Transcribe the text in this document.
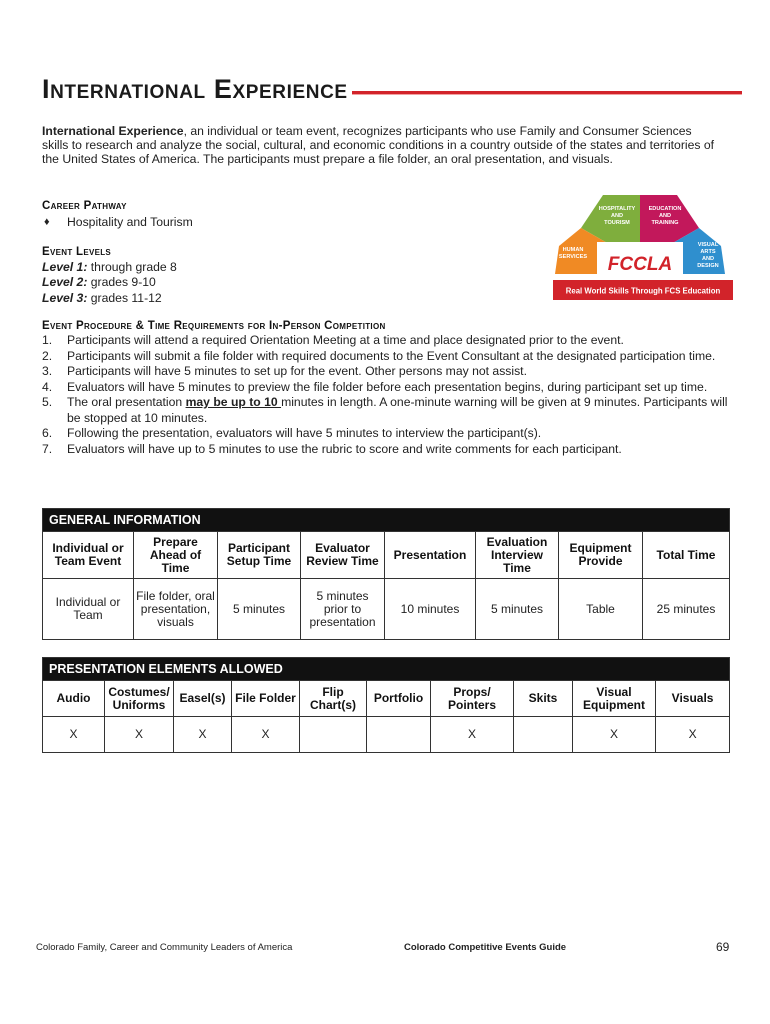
International Experience
International Experience, an individual or team event, recognizes participants who use Family and Consumer Sciences skills to research and analyze the social, cultural, and economic conditions in a country outside of the states and territories of the United States of America. The participants must prepare a file folder, an oral presentation, and visuals.
Career Pathway
♦ Hospitality and Tourism
Event Levels
Level 1: through grade 8
Level 2: grades 9-10
Level 3: grades 11-12
HOSPITALITY
AND
TOURISM
EDUCATION
AND
TRAINING
HUMAN
SERVICES
VISUAL
ARTS
AND
DESIGN
FCCLA
Real World Skills Through FCS Education
Event Procedure & Time Requirements for In-Person Competition
1. Participants will attend a required Orientation Meeting at a time and place designated prior to the event.
2. Participants will submit a file folder with required documents to the Event Consultant at the designated participation time.
3. Participants will have 5 minutes to set up for the event. Other persons may not assist.
4. Evaluators will have 5 minutes to preview the file folder before each presentation begins, during participant set up time.
5. The oral presentation may be up to 10 minutes in length. A one-minute warning will be given at 9 minutes. Participants will be stopped at 10 minutes.
6. Following the presentation, evaluators will have 5 minutes to interview the participant(s).
7. Evaluators will have up to 5 minutes to use the rubric to score and write comments for each participant.
GENERAL INFORMATION							
Individual or Team Event	Prepare Ahead of Time	Participant Setup Time	Evaluator Review Time	Presentation	Evaluation Interview Time	Equipment Provide	Total Time
Individual or Team	File folder, oral presentation, visuals	5 minutes	5 minutes prior to presentation	10 minutes	5 minutes	Table	25 minutes
PRESENTATION ELEMENTS ALLOWED									
Audio	Costumes/ Uniforms	Easel(s)	File Folder	Flip Chart(s)	Portfolio	Props/ Pointers	Skits	Visual Equipment	Visuals
X	X	X	X			X		X	X
Colorado Family, Career and Community Leaders of America	Colorado Competitive Events Guide	69
